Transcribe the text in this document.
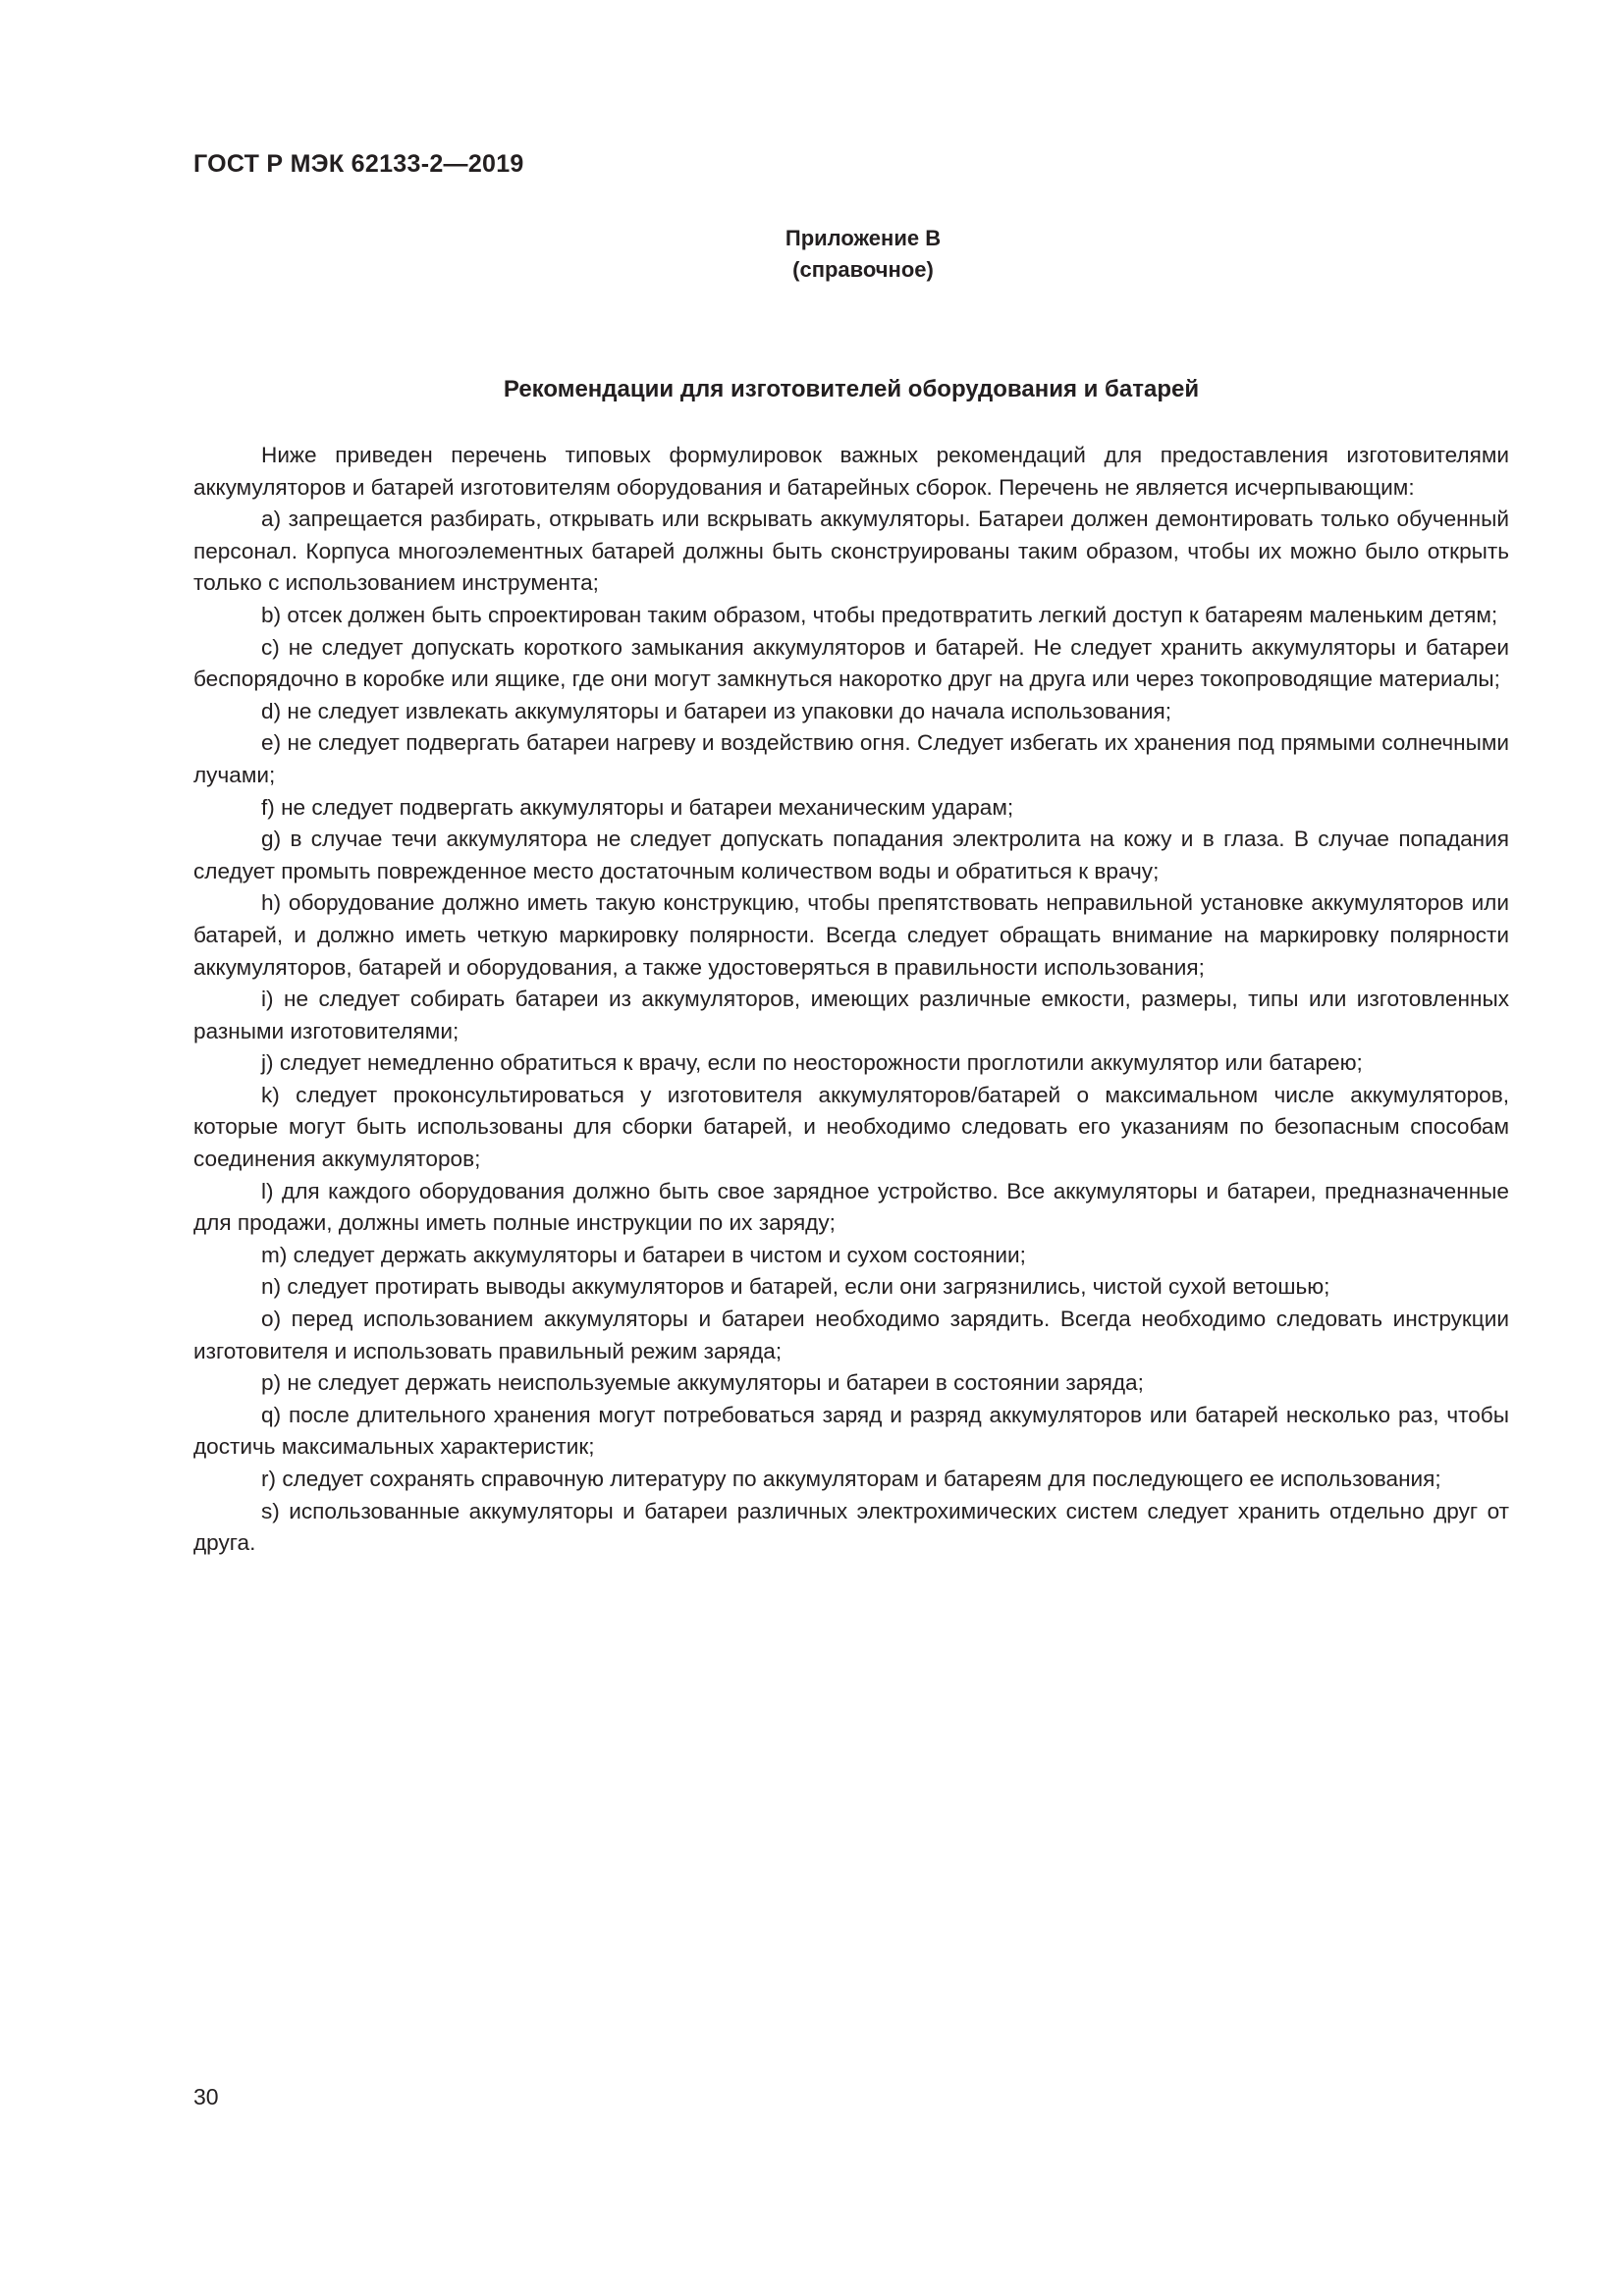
ГОСТ Р МЭК 62133-2—2019

Приложение В

(справочное)

Рекомендации для изготовителей оборудования и батарей

Ниже приведен перечень типовых формулировок важных рекомендаций для предоставления изготовителями аккумуляторов и батарей изготовителям оборудования и батарейных сборок. Перечень не является исчерпывающим:

а) запрещается разбирать, открывать или вскрывать аккумуляторы. Батареи должен демонтировать только обученный персонал. Корпуса многоэлементных батарей должны быть сконструированы таким образом, чтобы их можно было открыть только с использованием инструмента;

b) отсек должен быть спроектирован таким образом, чтобы предотвратить легкий доступ к батареям маленьким детям;

с) не следует допускать короткого замыкания аккумуляторов и батарей. Не следует хранить аккумуляторы и батареи беспорядочно в коробке или ящике, где они могут замкнуться накоротко друг на друга или через токопроводящие материалы;

d) не следует извлекать аккумуляторы и батареи из упаковки до начала использования;

е) не следует подвергать батареи нагреву и воздействию огня. Следует избегать их хранения под прямыми солнечными лучами;

f) не следует подвергать аккумуляторы и батареи механическим ударам;

g) в случае течи аккумулятора не следует допускать попадания электролита на кожу и в глаза. В случае попадания следует промыть поврежденное место достаточным количеством воды и обратиться к врачу;

h) оборудование должно иметь такую конструкцию, чтобы препятствовать неправильной установке аккумуляторов или батарей, и должно иметь четкую маркировку полярности. Всегда следует обращать внимание на маркировку полярности аккумуляторов, батарей и оборудования, а также удостоверяться в правильности использования;

i) не следует собирать батареи из аккумуляторов, имеющих различные емкости, размеры, типы или изготовленных разными изготовителями;

j) следует немедленно обратиться к врачу, если по неосторожности проглотили аккумулятор или батарею;

k) следует проконсультироваться у изготовителя аккумуляторов/батарей о максимальном числе аккумуляторов, которые могут быть использованы для сборки батарей, и необходимо следовать его указаниям по безопасным способам соединения аккумуляторов;

l) для каждого оборудования должно быть свое зарядное устройство. Все аккумуляторы и батареи, предназначенные для продажи, должны иметь полные инструкции по их заряду;

m) следует держать аккумуляторы и батареи в чистом и сухом состоянии;

n) следует протирать выводы аккумуляторов и батарей, если они загрязнились, чистой сухой ветошью;

о) перед использованием аккумуляторы и батареи необходимо зарядить. Всегда необходимо следовать инструкции изготовителя и использовать правильный режим заряда;

р) не следует держать неиспользуемые аккумуляторы и батареи в состоянии заряда;

q) после длительного хранения могут потребоваться заряд и разряд аккумуляторов или батарей несколько раз, чтобы достичь максимальных характеристик;

r) следует сохранять справочную литературу по аккумуляторам и батареям для последующего ее использования;

s) использованные аккумуляторы и батареи различных электрохимических систем следует хранить отдельно друг от друга.

30
